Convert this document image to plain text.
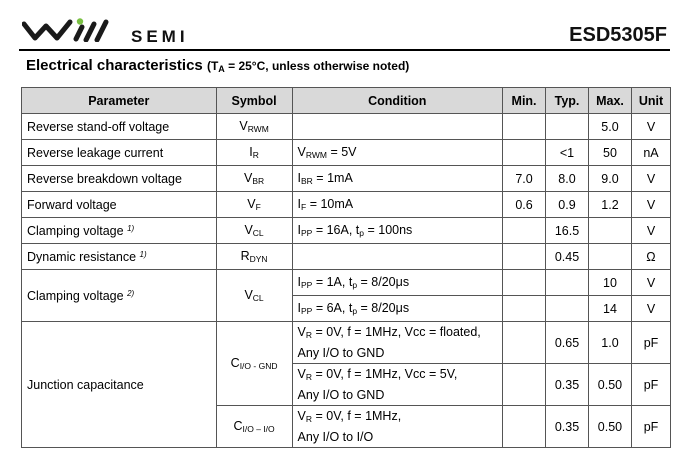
SEMI	ESD5305F
Electrical characteristics ($T_A = 25^\circ C$, unless otherwise noted)
Parameter	Symbol	Condition	Min.	Typ.	Max.	Unit
Reverse stand-off voltage	$V_{RWM}$				5.0	V
Reverse leakage current	$I_R$	$V_{RWM} = 5V$		<1	50	nA
Reverse breakdown voltage	$V_{BR}$	$I_{BR} = 1mA$	7.0	8.0	9.0	V
Forward voltage	$V_F$	$I_F = 10mA$	0.6	0.9	1.2	V
Clamping voltage $^{1)}$	$V_{CL}$	$I_{PP} = 16A$, $t_p = 100ns$		16.5		V
Dynamic resistance $^{1)}$	$R_{DYN}$			0.45		Ω
Clamping voltage $^{2)}$	$V_{CL}$	$I_{PP} = 1A$, $t_p = 8/20\mu s$			10	V
		$I_{PP} = 6A$, $t_p = 8/20\mu s$			14	V
Junction capacitance	$C_{I/O - GND}$	$V_R = 0V$, f = 1MHz, Vcc = floated,
Any I/O to GND		0.65	1.0	pF
		$V_R = 0V$, f = 1MHz, Vcc = 5V,
Any I/O to GND		0.35	0.50	pF
	$C_{I/O - I/O}$	$V_R = 0V$, f = 1MHz,
Any I/O to I/O		0.35	0.50	pF
